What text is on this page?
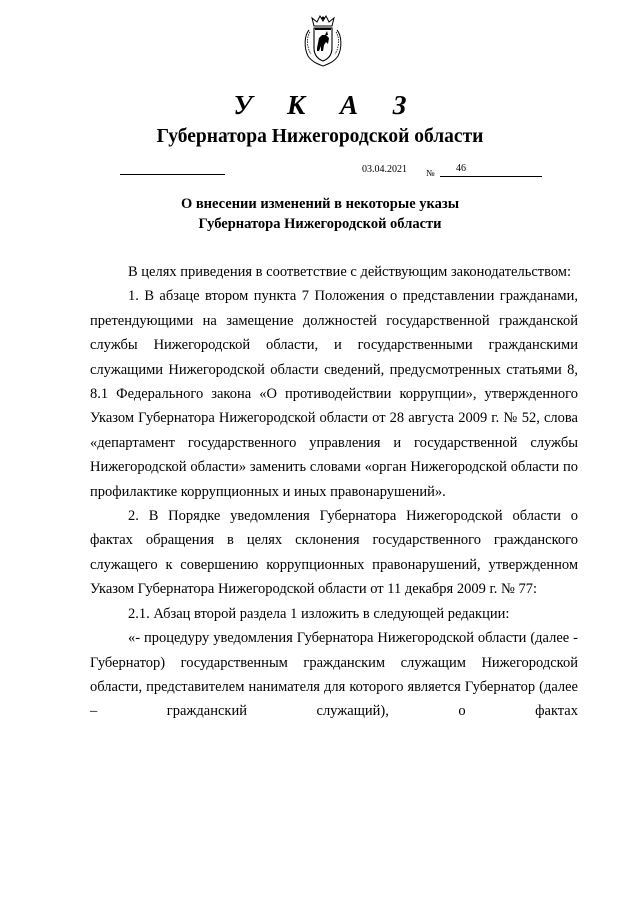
У К А З
Губернатора Нижегородской области
03.04.2021 № 46
О внесении изменений в некоторые указы
Губернатора Нижегородской области

В целях приведения в соответствие с действующим законодательством:

1. В абзаце втором пункта 7 Положения о представлении гражданами, претендующими на замещение должностей государственной гражданской службы Нижегородской области, и государственными гражданскими служащими Нижегородской области сведений, предусмотренных статьями 8, 8.1 Федерального закона «О противодействии коррупции», утвержденного Указом Губернатора Нижегородской области от 28 августа 2009 г. № 52, слова «департамент государственного управления и государственной службы Нижегородской области» заменить словами «орган Нижегородской области по профилактике коррупционных и иных правонарушений».

2. В Порядке уведомления Губернатора Нижегородской области о фактах обращения в целях склонения государственного гражданского служащего к совершению коррупционных правонарушений, утвержденном Указом Губернатора Нижегородской области от 11 декабря 2009 г. № 77:

2.1. Абзац второй раздела 1 изложить в следующей редакции:

«- процедуру уведомления Губернатора Нижегородской области (далее - Губернатор) государственным гражданским служащим Нижегородской области, представителем нанимателя для которого является Губернатор (далее – гражданский служащий), о фактах
